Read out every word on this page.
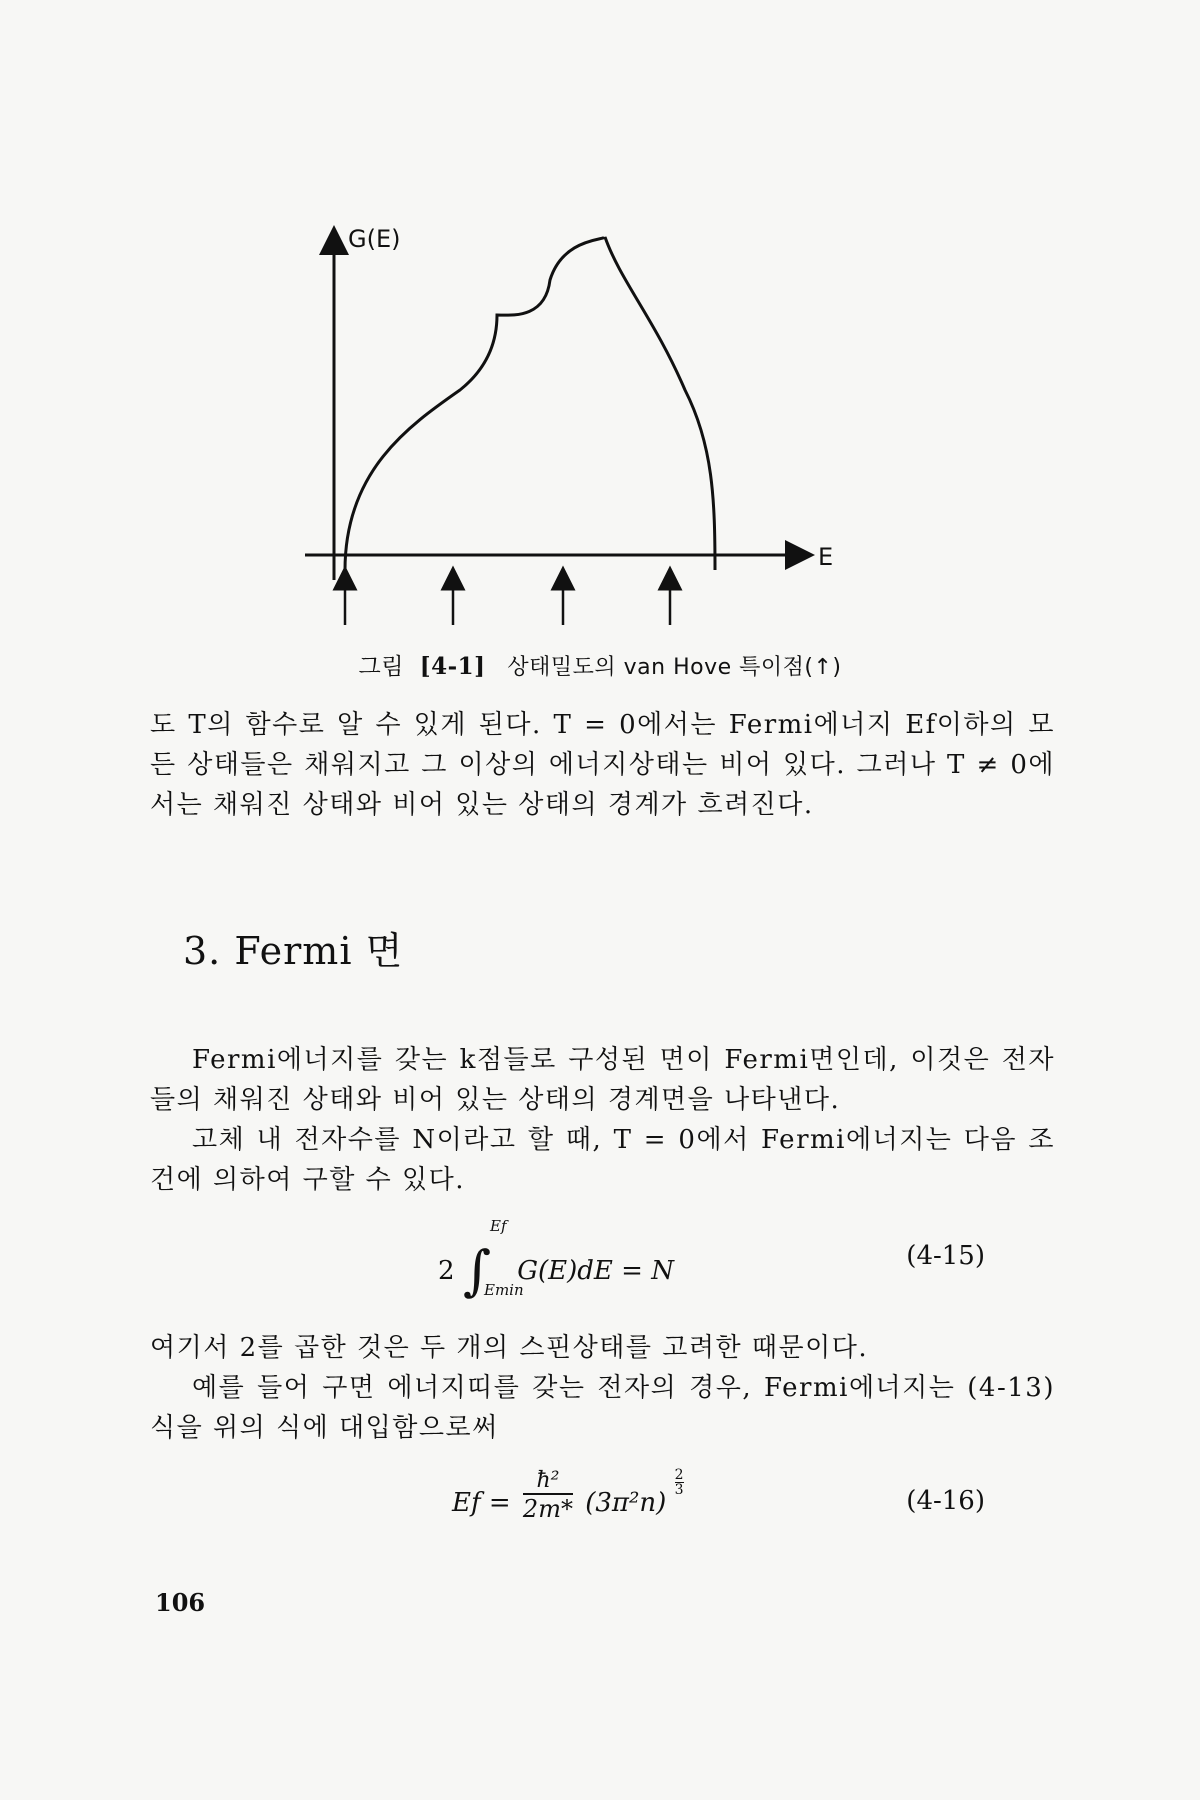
G(E)
E
그림 [4-1] 상태밀도의 van Hove 특이점(↑)
도 T의 함수로 알 수 있게 된다. T = 0에서는 Fermi에너지 Ef이하의 모든 상태들은 채워지고 그 이상의 에너지상태는 비어 있다. 그러나 T ≠ 0에서는 채워진 상태와 비어 있는 상태의 경계가 흐려진다.
3. Fermi 면
Fermi에너지를 갖는 k점들로 구성된 면이 Fermi면인데, 이것은 전자들의 채워진 상태와 비어 있는 상태의 경계면을 나타낸다.
고체 내 전자수를 N이라고 할 때, T = 0에서 Fermi에너지는 다음 조건에 의하여 구할 수 있다.
2 ∫
Ef
Emin
G(E)dE = N	(4-15)
여기서 2를 곱한 것은 두 개의 스핀상태를 고려한 때문이다.
예를 들어 구면 에너지띠를 갖는 전자의 경우, Fermi에너지는 (4-13)식을 위의 식에 대입함으로써
$Ef = \frac{\text{ħ²}}{2m*} (3\pi^2n)$
$\frac{2}{3}$
(4-16)
106
